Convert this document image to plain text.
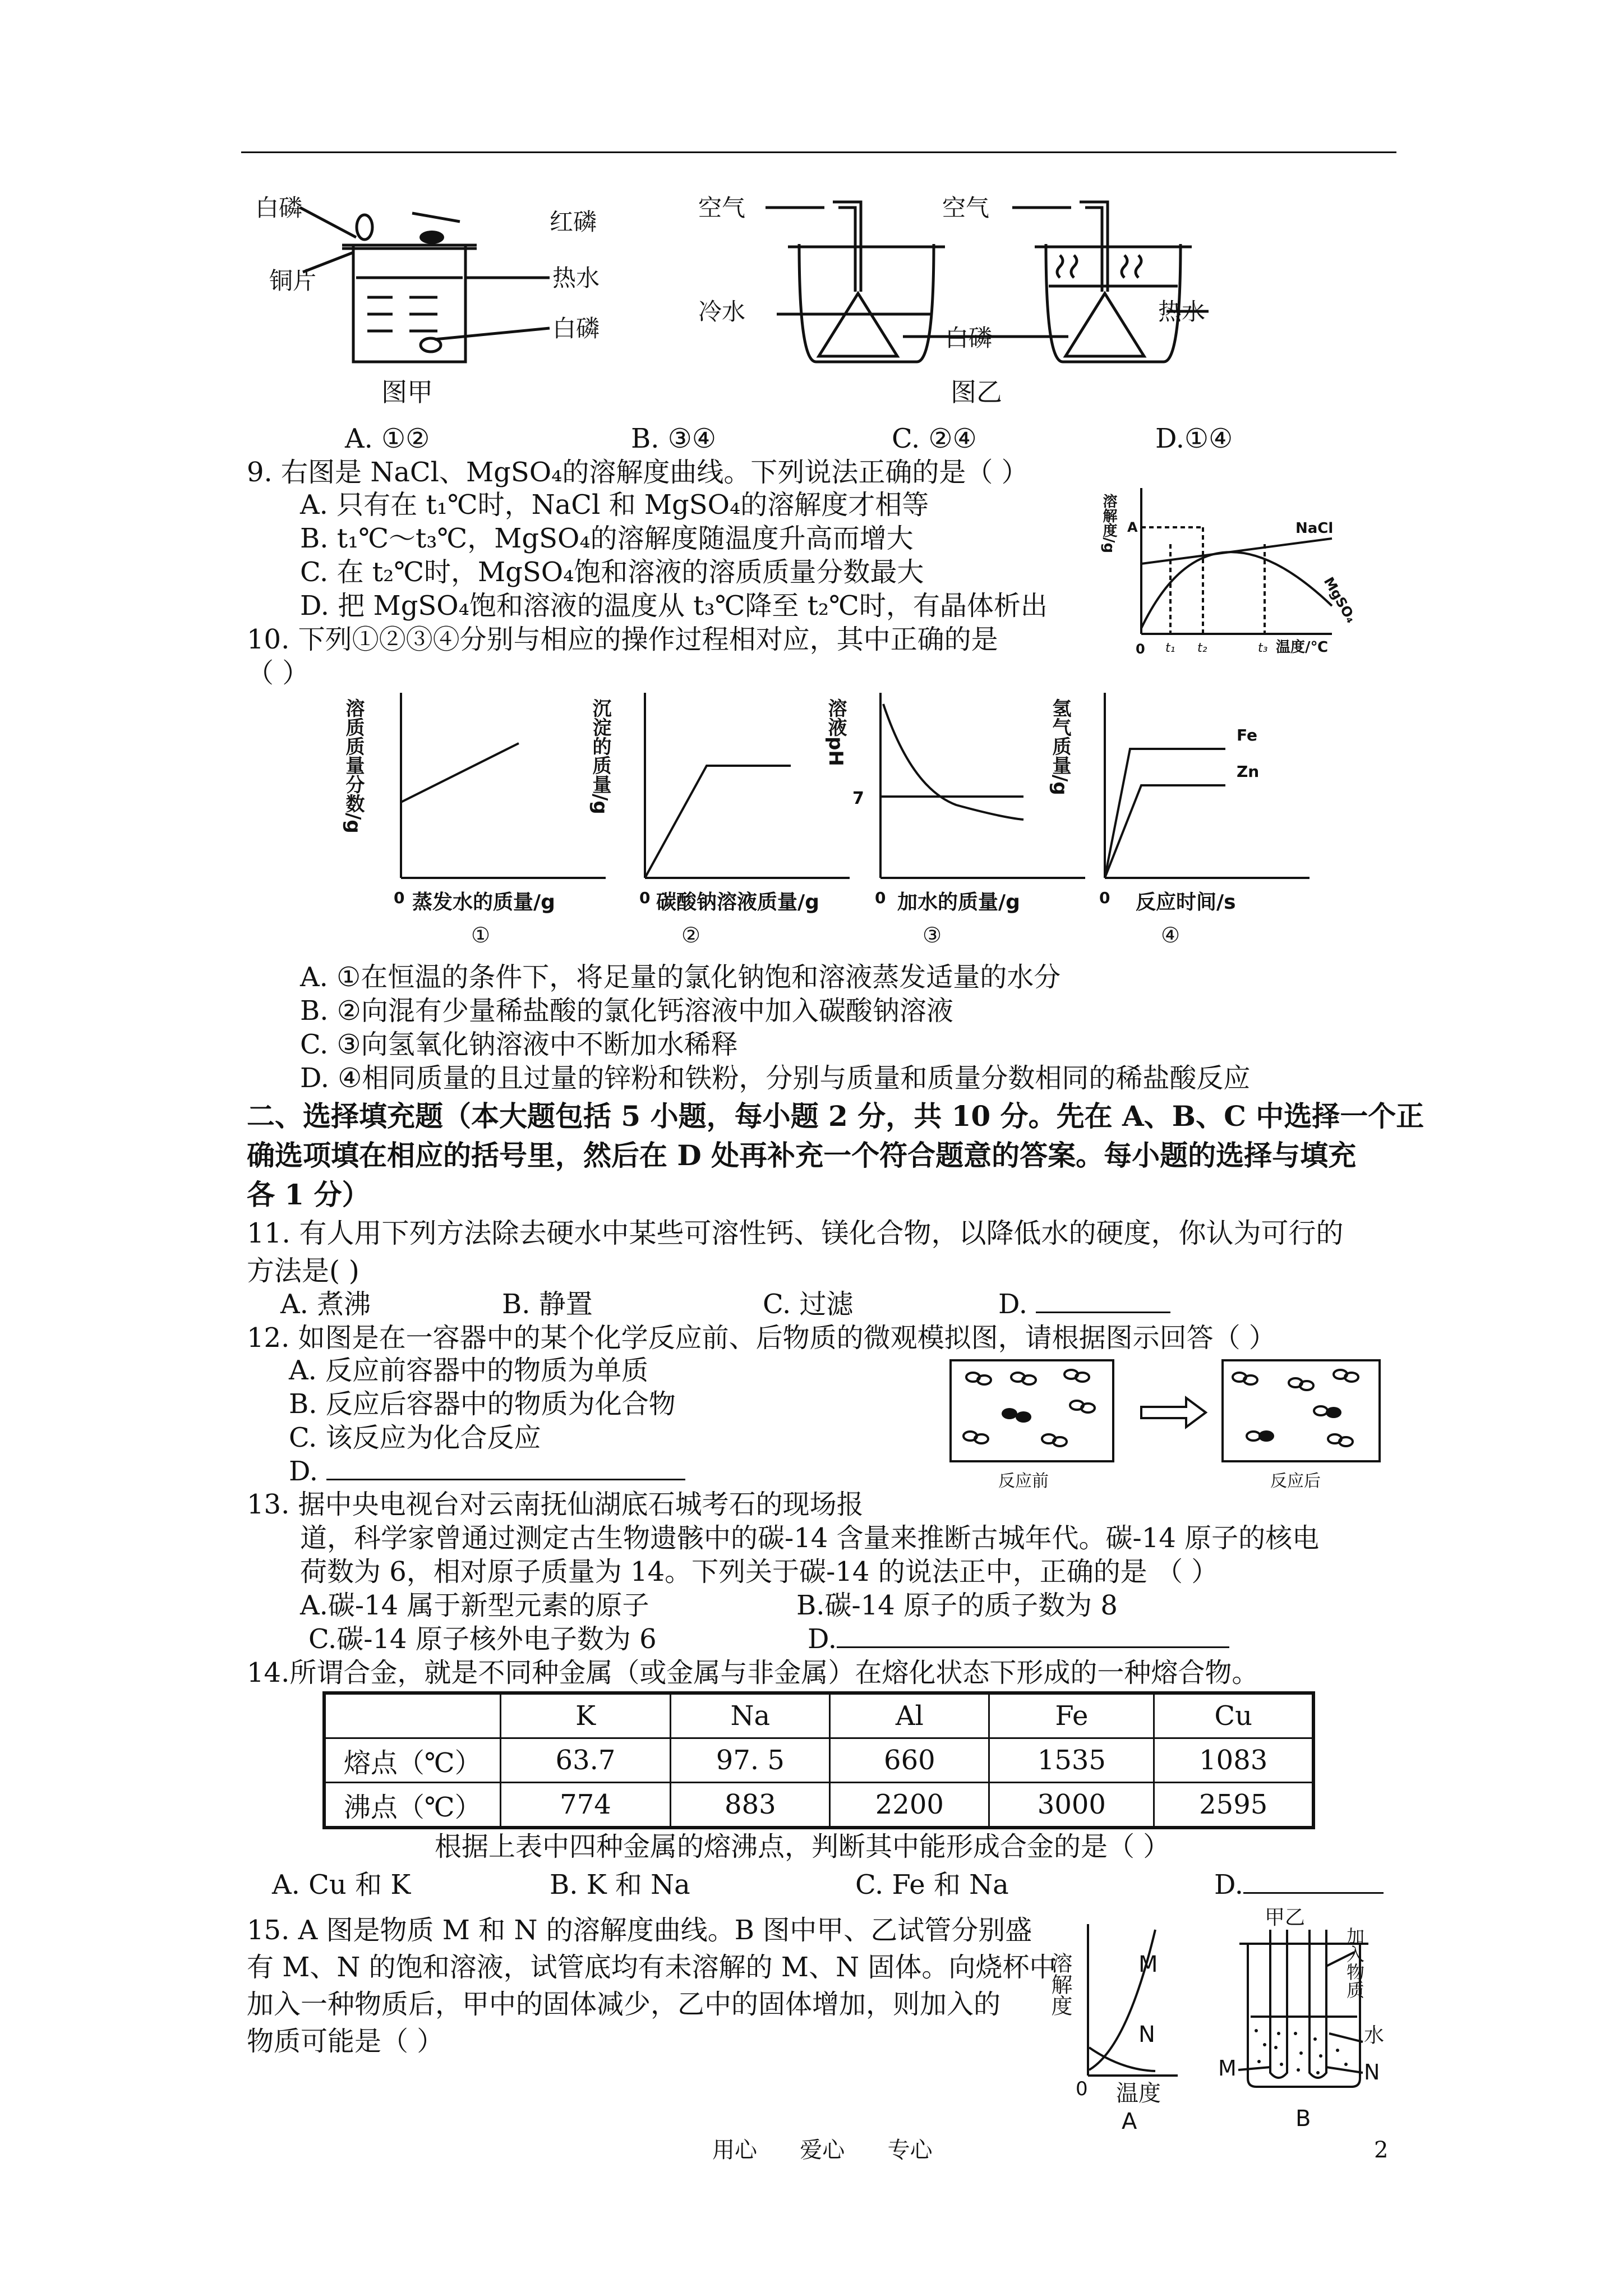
白磷
铜片
红磷
热水
白磷
图甲
空气	空气
冷水
白磷
热水
图乙
A. ①②	B. ③④	C. ②④	D.①④
9. 右图是 NaCl、MgSO₄的溶解度曲线。下列说法正确的是（ ）
A. 只有在 t₁℃时，NaCl 和 MgSO₄的溶解度才相等
B. t₁℃～t₃℃，MgSO₄的溶解度随温度升高而增大
C. 在 t₂℃时，MgSO₄饱和溶液的溶质质量分数最大
D. 把 MgSO₄饱和溶液的温度从 t₃℃降至 t₂℃时，有晶体析出
溶解度/g A	NaCl
MgSO₄
0 t₁ t₂	t₃ 温度/℃
10. 下列①②③④分别与相应的操作过程相对应，其中正确的是
（ ）
溶质质量分数/g
0 蒸发水的质量/g
①
沉淀的质量/g
0 碳酸钠溶液质量/g
②
溶液pH
7
0 加水的质量/g
③
氢气质量/g	Fe
Zn
0 反应时间/s
④
A. ①在恒温的条件下，将足量的氯化钠饱和溶液蒸发适量的水分
B. ②向混有少量稀盐酸的氯化钙溶液中加入碳酸钠溶液
C. ③向氢氧化钠溶液中不断加水稀释
D. ④相同质量的且过量的锌粉和铁粉，分别与质量和质量分数相同的稀盐酸反应
二、选择填充题（本大题包括 5 小题，每小题 2 分，共 10 分。先在 A、B、C 中选择一个正
确选项填在相应的括号里，然后在 D 处再补充一个符合题意的答案。每小题的选择与填充
各 1 分）
11. 有人用下列方法除去硬水中某些可溶性钙、镁化合物，以降低水的硬度，你认为可行的
方法是( )
A. 煮沸	B. 静置	C. 过滤	D.
12. 如图是在一容器中的某个化学反应前、后物质的微观模拟图，请根据图示回答（ ）
A. 反应前容器中的物质为单质
B. 反应后容器中的物质为化合物
C. 该反应为化合反应
D.	反应前	反应后
13. 据中央电视台对云南抚仙湖底石城考石的现场报
道，科学家曾通过测定古生物遗骸中的碳-14 含量来推断古城年代。碳-14 原子的核电
荷数为 6，相对原子质量为 14。下列关于碳-14 的说法正中，正确的是 （ ）
A.碳-14 属于新型元素的原子	B.碳-14 原子的质子数为 8
C.碳-14 原子核外电子数为 6	D.
14.所谓合金，就是不同种金属（或金属与非金属）在熔化状态下形成的一种熔合物。
	K	Na	Al	Fe	Cu
熔点（℃）	63.7	97. 5	660	1535	1083
沸点（℃）	774	883	2200	3000	2595
根据上表中四种金属的熔沸点，判断其中能形成合金的是（ ）
A. Cu 和 K	B. K 和 Na	C. Fe 和 Na	D.
15. A 图是物质 M 和 N 的溶解度曲线。B 图中甲、乙试管分别盛
有 M、N 的饱和溶液，试管底均有未溶解的 M、N 固体。向烧杯中
加入一种物质后，甲中的固体减少，乙中的固体增加，则加入的
物质可能是（ ）
溶解度	M
N
0 温度
A
甲乙
加入物质
水
M	N
B
用心      爱心      专心	2
